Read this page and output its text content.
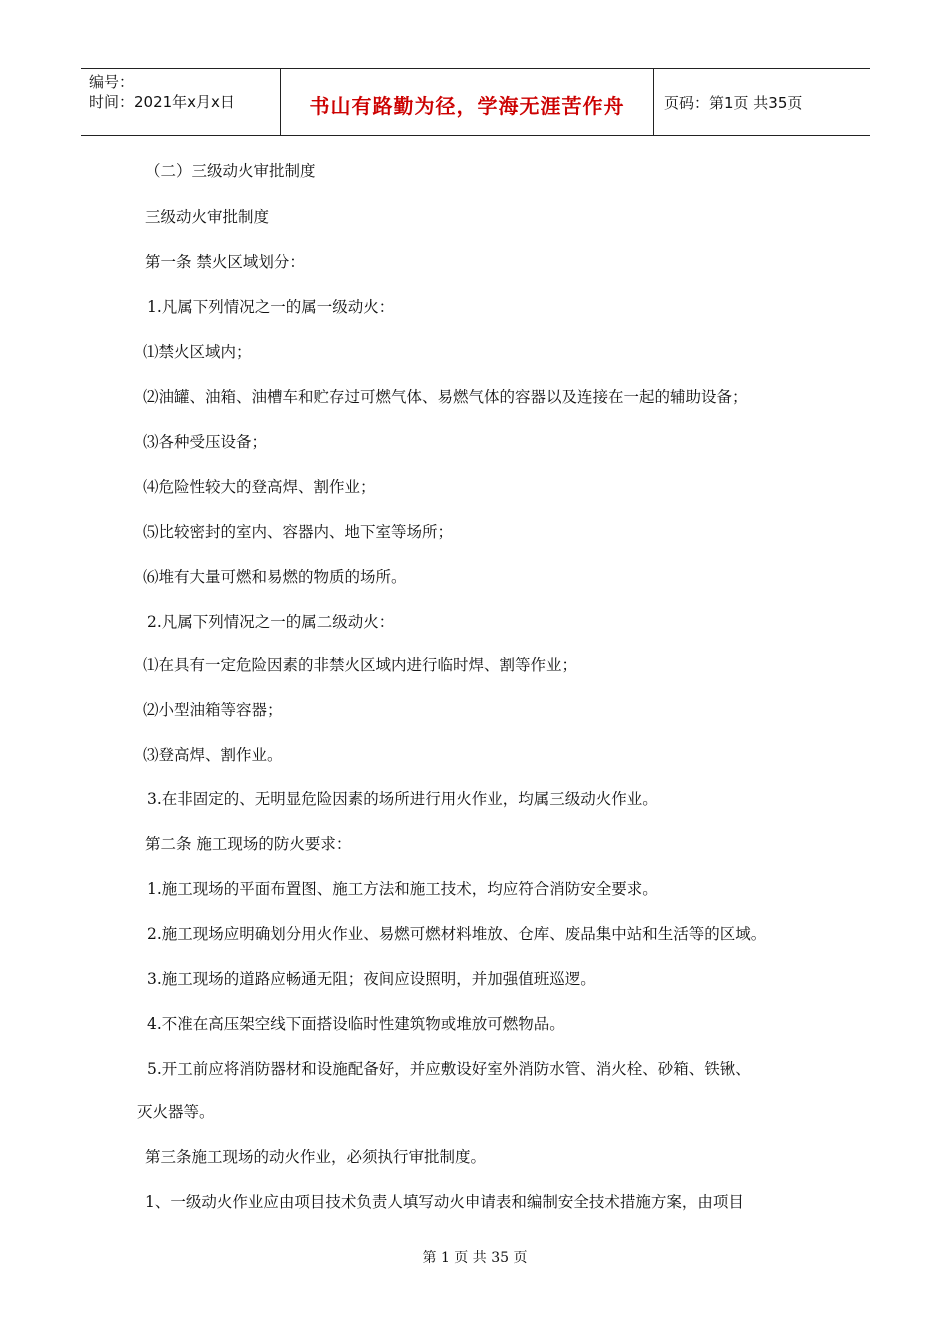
编号：
时间：2021年x月x日	书山有路勤为径，学海无涯苦作舟	页码：第1页 共35页
（二）三级动火审批制度
三级动火审批制度
第一条 禁火区域划分：
1.凡属下列情况之一的属一级动火：
⑴禁火区域内；
⑵油罐、油箱、油槽车和贮存过可燃气体、易燃气体的容器以及连接在一起的辅助设备；
⑶各种受压设备；
⑷危险性较大的登高焊、割作业；
⑸比较密封的室内、容器内、地下室等场所；
⑹堆有大量可燃和易燃的物质的场所。
2.凡属下列情况之一的属二级动火：
⑴在具有一定危险因素的非禁火区域内进行临时焊、割等作业；
⑵小型油箱等容器；
⑶登高焊、割作业。
3.在非固定的、无明显危险因素的场所进行用火作业，均属三级动火作业。
第二条 施工现场的防火要求：
1.施工现场的平面布置图、施工方法和施工技术，均应符合消防安全要求。
2.施工现场应明确划分用火作业、易燃可燃材料堆放、仓库、废品集中站和生活等的区域。
3.施工现场的道路应畅通无阻；夜间应设照明，并加强值班巡逻。
4.不准在高压架空线下面搭设临时性建筑物或堆放可燃物品。
5.开工前应将消防器材和设施配备好，并应敷设好室外消防水管、消火栓、砂箱、铁锹、
灭火器等。
第三条施工现场的动火作业，必须执行审批制度。
1、一级动火作业应由项目技术负责人填写动火申请表和编制安全技术措施方案，由项目
第 1 页 共 35 页
